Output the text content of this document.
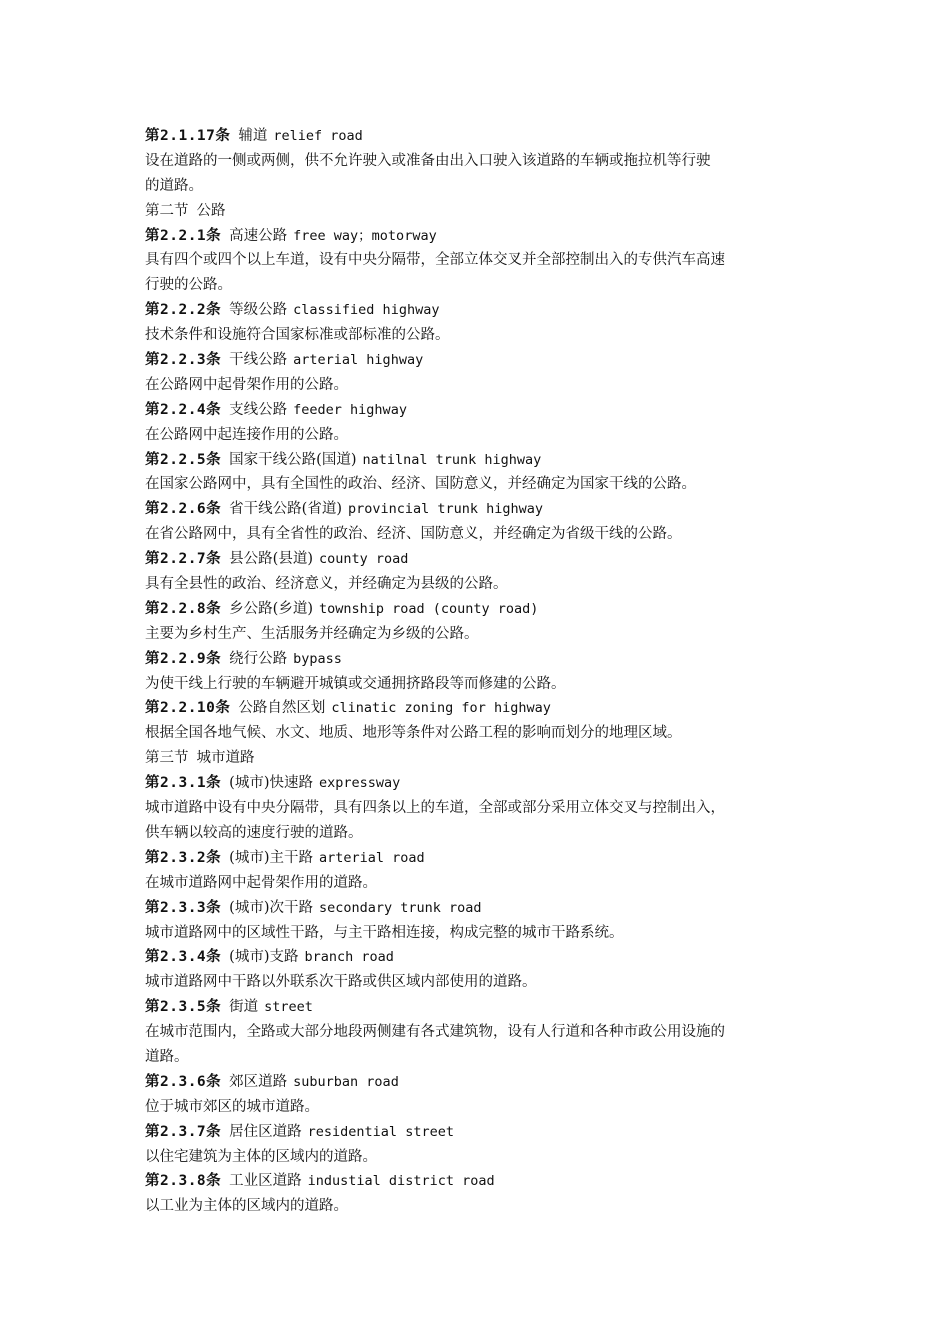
第2.1.17条 辅道 relief road
设在道路的一侧或两侧，供不允许驶入或准备由出入口驶入该道路的车辆或拖拉机等行驶
的道路。
第二节 公路
第2.2.1条 高速公路 free way；motorway
具有四个或四个以上车道，设有中央分隔带，全部立体交叉并全部控制出入的专供汽车高速
行驶的公路。
第2.2.2条 等级公路 classified highway
技术条件和设施符合国家标准或部标准的公路。
第2.2.3条 干线公路 arterial highway
在公路网中起骨架作用的公路。
第2.2.4条 支线公路 feeder highway
在公路网中起连接作用的公路。
第2.2.5条 国家干线公路(国道) natilnal trunk highway
在国家公路网中，具有全国性的政治、经济、国防意义，并经确定为国家干线的公路。
第2.2.6条 省干线公路(省道) provincial trunk highway
在省公路网中，具有全省性的政治、经济、国防意义，并经确定为省级干线的公路。
第2.2.7条 县公路(县道) county road
具有全县性的政治、经济意义，并经确定为县级的公路。
第2.2.8条 乡公路(乡道) township road (county road)
主要为乡村生产、生活服务并经确定为乡级的公路。
第2.2.9条 绕行公路 bypass
为使干线上行驶的车辆避开城镇或交通拥挤路段等而修建的公路。
第2.2.10条 公路自然区划 clinatic zoning for highway
根据全国各地气候、水文、地质、地形等条件对公路工程的影响而划分的地理区域。
第三节 城市道路
第2.3.1条 (城市)快速路 expressway
城市道路中设有中央分隔带，具有四条以上的车道，全部或部分采用立体交叉与控制出入，
供车辆以较高的速度行驶的道路。
第2.3.2条 (城市)主干路 arterial road
在城市道路网中起骨架作用的道路。
第2.3.3条 (城市)次干路 secondary trunk road
城市道路网中的区域性干路，与主干路相连接，构成完整的城市干路系统。
第2.3.4条 (城市)支路 branch road
城市道路网中干路以外联系次干路或供区域内部使用的道路。
第2.3.5条 街道 street
在城市范围内，全路或大部分地段两侧建有各式建筑物，设有人行道和各种市政公用设施的
道路。
第2.3.6条 郊区道路 suburban road
位于城市郊区的城市道路。
第2.3.7条 居住区道路 residential street
以住宅建筑为主体的区域内的道路。
第2.3.8条 工业区道路 industial district road
以工业为主体的区域内的道路。
